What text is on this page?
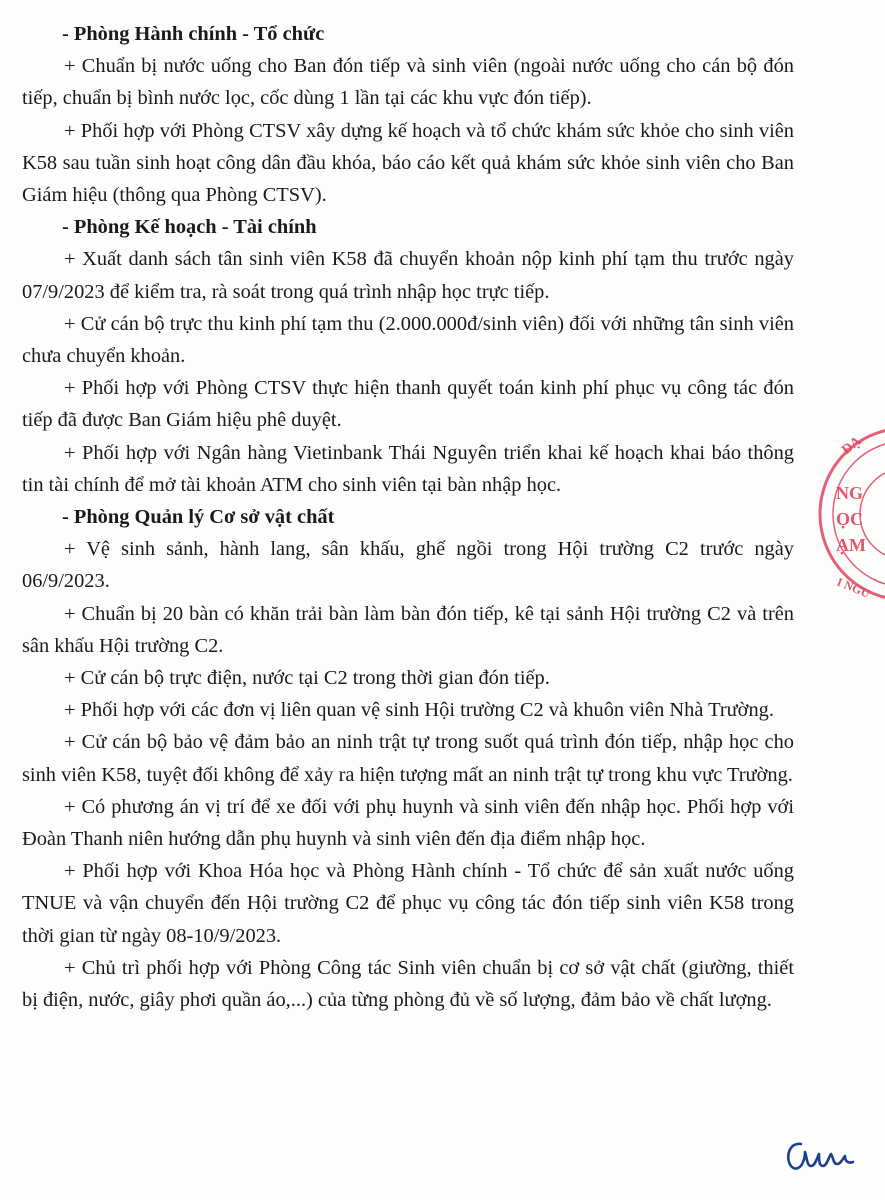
- Phòng Hành chính - Tổ chức

+ Chuẩn bị nước uống cho Ban đón tiếp và sinh viên (ngoài nước uống cho cán bộ đón tiếp, chuẩn bị bình nước lọc, cốc dùng 1 lần tại các khu vực đón tiếp).

+ Phối hợp với Phòng CTSV xây dựng kế hoạch và tổ chức khám sức khỏe cho sinh viên K58 sau tuần sinh hoạt công dân đầu khóa, báo cáo kết quả khám sức khỏe sinh viên cho Ban Giám hiệu (thông qua Phòng CTSV).

- Phòng Kế hoạch - Tài chính

+ Xuất danh sách tân sinh viên K58 đã chuyển khoản nộp kinh phí tạm thu trước ngày 07/9/2023 để kiểm tra, rà soát trong quá trình nhập học trực tiếp.

+ Cử cán bộ trực thu kinh phí tạm thu (2.000.000đ/sinh viên) đối với những tân sinh viên chưa chuyển khoản.

+ Phối hợp với Phòng CTSV thực hiện thanh quyết toán kinh phí phục vụ công tác đón tiếp đã được Ban Giám hiệu phê duyệt.

+ Phối hợp với Ngân hàng Vietinbank Thái Nguyên triển khai kế hoạch khai báo thông tin tài chính để mở tài khoản ATM cho sinh viên tại bàn nhập học.

- Phòng Quản lý Cơ sở vật chất

+ Vệ sinh sảnh, hành lang, sân khấu, ghế ngồi trong Hội trường C2 trước ngày 06/9/2023.

+ Chuẩn bị 20 bàn có khăn trải bàn làm bàn đón tiếp, kê tại sảnh Hội trường C2 và trên sân khấu Hội trường C2.

+ Cử cán bộ trực điện, nước tại C2 trong thời gian đón tiếp.

+ Phối hợp với các đơn vị liên quan vệ sinh Hội trường C2 và khuôn viên Nhà Trường.

+ Cử cán bộ bảo vệ đảm bảo an ninh trật tự trong suốt quá trình đón tiếp, nhập học cho sinh viên K58, tuyệt đối không để xảy ra hiện tượng mất an ninh trật tự trong khu vực Trường.

+ Có phương án vị trí để xe đối với phụ huynh và sinh viên đến nhập học. Phối hợp với Đoàn Thanh niên hướng dẫn phụ huynh và sinh viên đến địa điểm nhập học.

+ Phối hợp với Khoa Hóa học và Phòng Hành chính - Tổ chức để sản xuất nước uống TNUE và vận chuyển đến Hội trường C2 để phục vụ công tác đón tiếp sinh viên K58 trong thời gian từ ngày 08-10/9/2023.

+ Chủ trì phối hợp với Phòng Công tác Sinh viên chuẩn bị cơ sở vật chất (giường, thiết bị điện, nước, giây phơi quần áo,...) của từng phòng đủ về số lượng, đảm bảo về chất lượng.

ĐẠ
NG
ỌC
ẠM
I NGU
